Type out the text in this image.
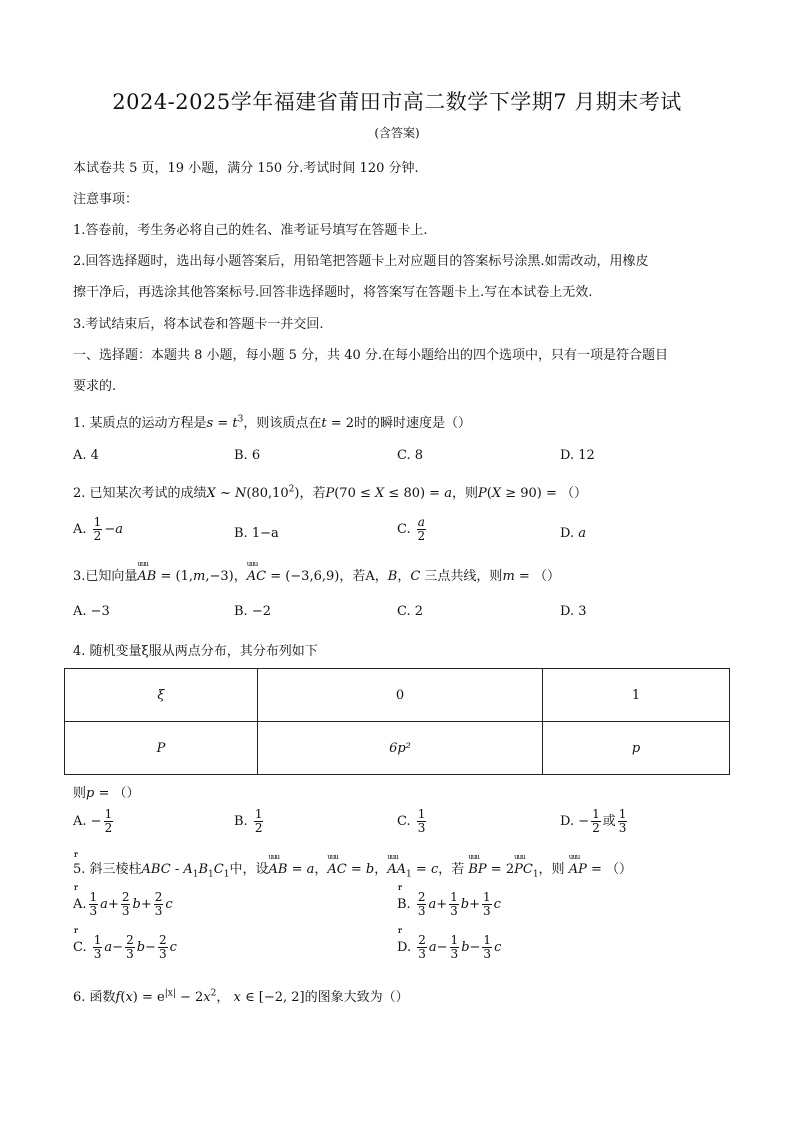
2024-2025学年福建省莆田市高二数学下学期7 月期末考试
(含答案)
本试卷共 5 页，19 小题，满分 150 分.考试时间 120 分钟.
注意事项：
1.答卷前，考生务必将自己的姓名、准考证号填写在答题卡上.
2.回答选择题时，选出每小题答案后，用铅笔把答题卡上对应题目的答案标号涂黑.如需改动，用橡皮
擦干净后，再选涂其他答案标号.回答非选择题时，将答案写在答题卡上.写在本试卷上无效.
3.考试结束后，将本试卷和答题卡一并交回.
一、选择题：本题共 8 小题，每小题 5 分，共 40 分.在每小题给出的四个选项中，只有一项是符合题目
要求的.
1. 某质点的运动方程是$s = t^3$，则该质点在t = 2时的瞬时速度是（）
A. 4	B. 6	C. 8	D. 12
2. 已知某次考试的成绩X ~ N(80,10$^2$)，若P(70 ≤ X ≤ 80) = a，则P(X ≥ 90) = （）
A. $\frac{1}{2} -a$	B. 1−a	C. $\frac{a}{2}$	D. a
3.已知向量uuu AB = (1,m,−3)，uuu AC = (−3,6,9)，若A，B，C 三点共线，则m = （）
A. −3	B. −2	C. 2	D. 3
4. 随机变量ξ服从两点分布，其分布列如下
ξ	0	1
P	6p²	p
则p = （）
A. − $\frac{1}{2}$	B. $\frac{1}{2}$	C. $\frac{1}{3}$	D. − $\frac{1}{2}$ 或 $\frac{1}{3}$
5. 斜三棱柱ABC - $A_1B_1C_1$中，设uuu AB = r a，uuu AC = r b，uuu $AA_1 = r$ c，若 uuu BP = 2uuu $PC_1$，则 uuu AP = （）
A. $\frac{1}{3}$ r $a+ \frac{2}{3}$ r $b+ \frac{2}{3}$ r c	B. $\frac{2}{3}$ r $a+ \frac{1}{3}$ r $b+ \frac{1}{3}$ r c
C. $\frac{1}{3}$ r $a- \frac{2}{3}$ r $b- \frac{2}{3}$ r c	D. $\frac{2}{3}$ r $a- \frac{1}{3}$ r $b- \frac{1}{3}$ r c
6. 函数$f(x) = e^{|x|} - 2x^2$， x ∈ [−2, 2]的图象大致为（）
